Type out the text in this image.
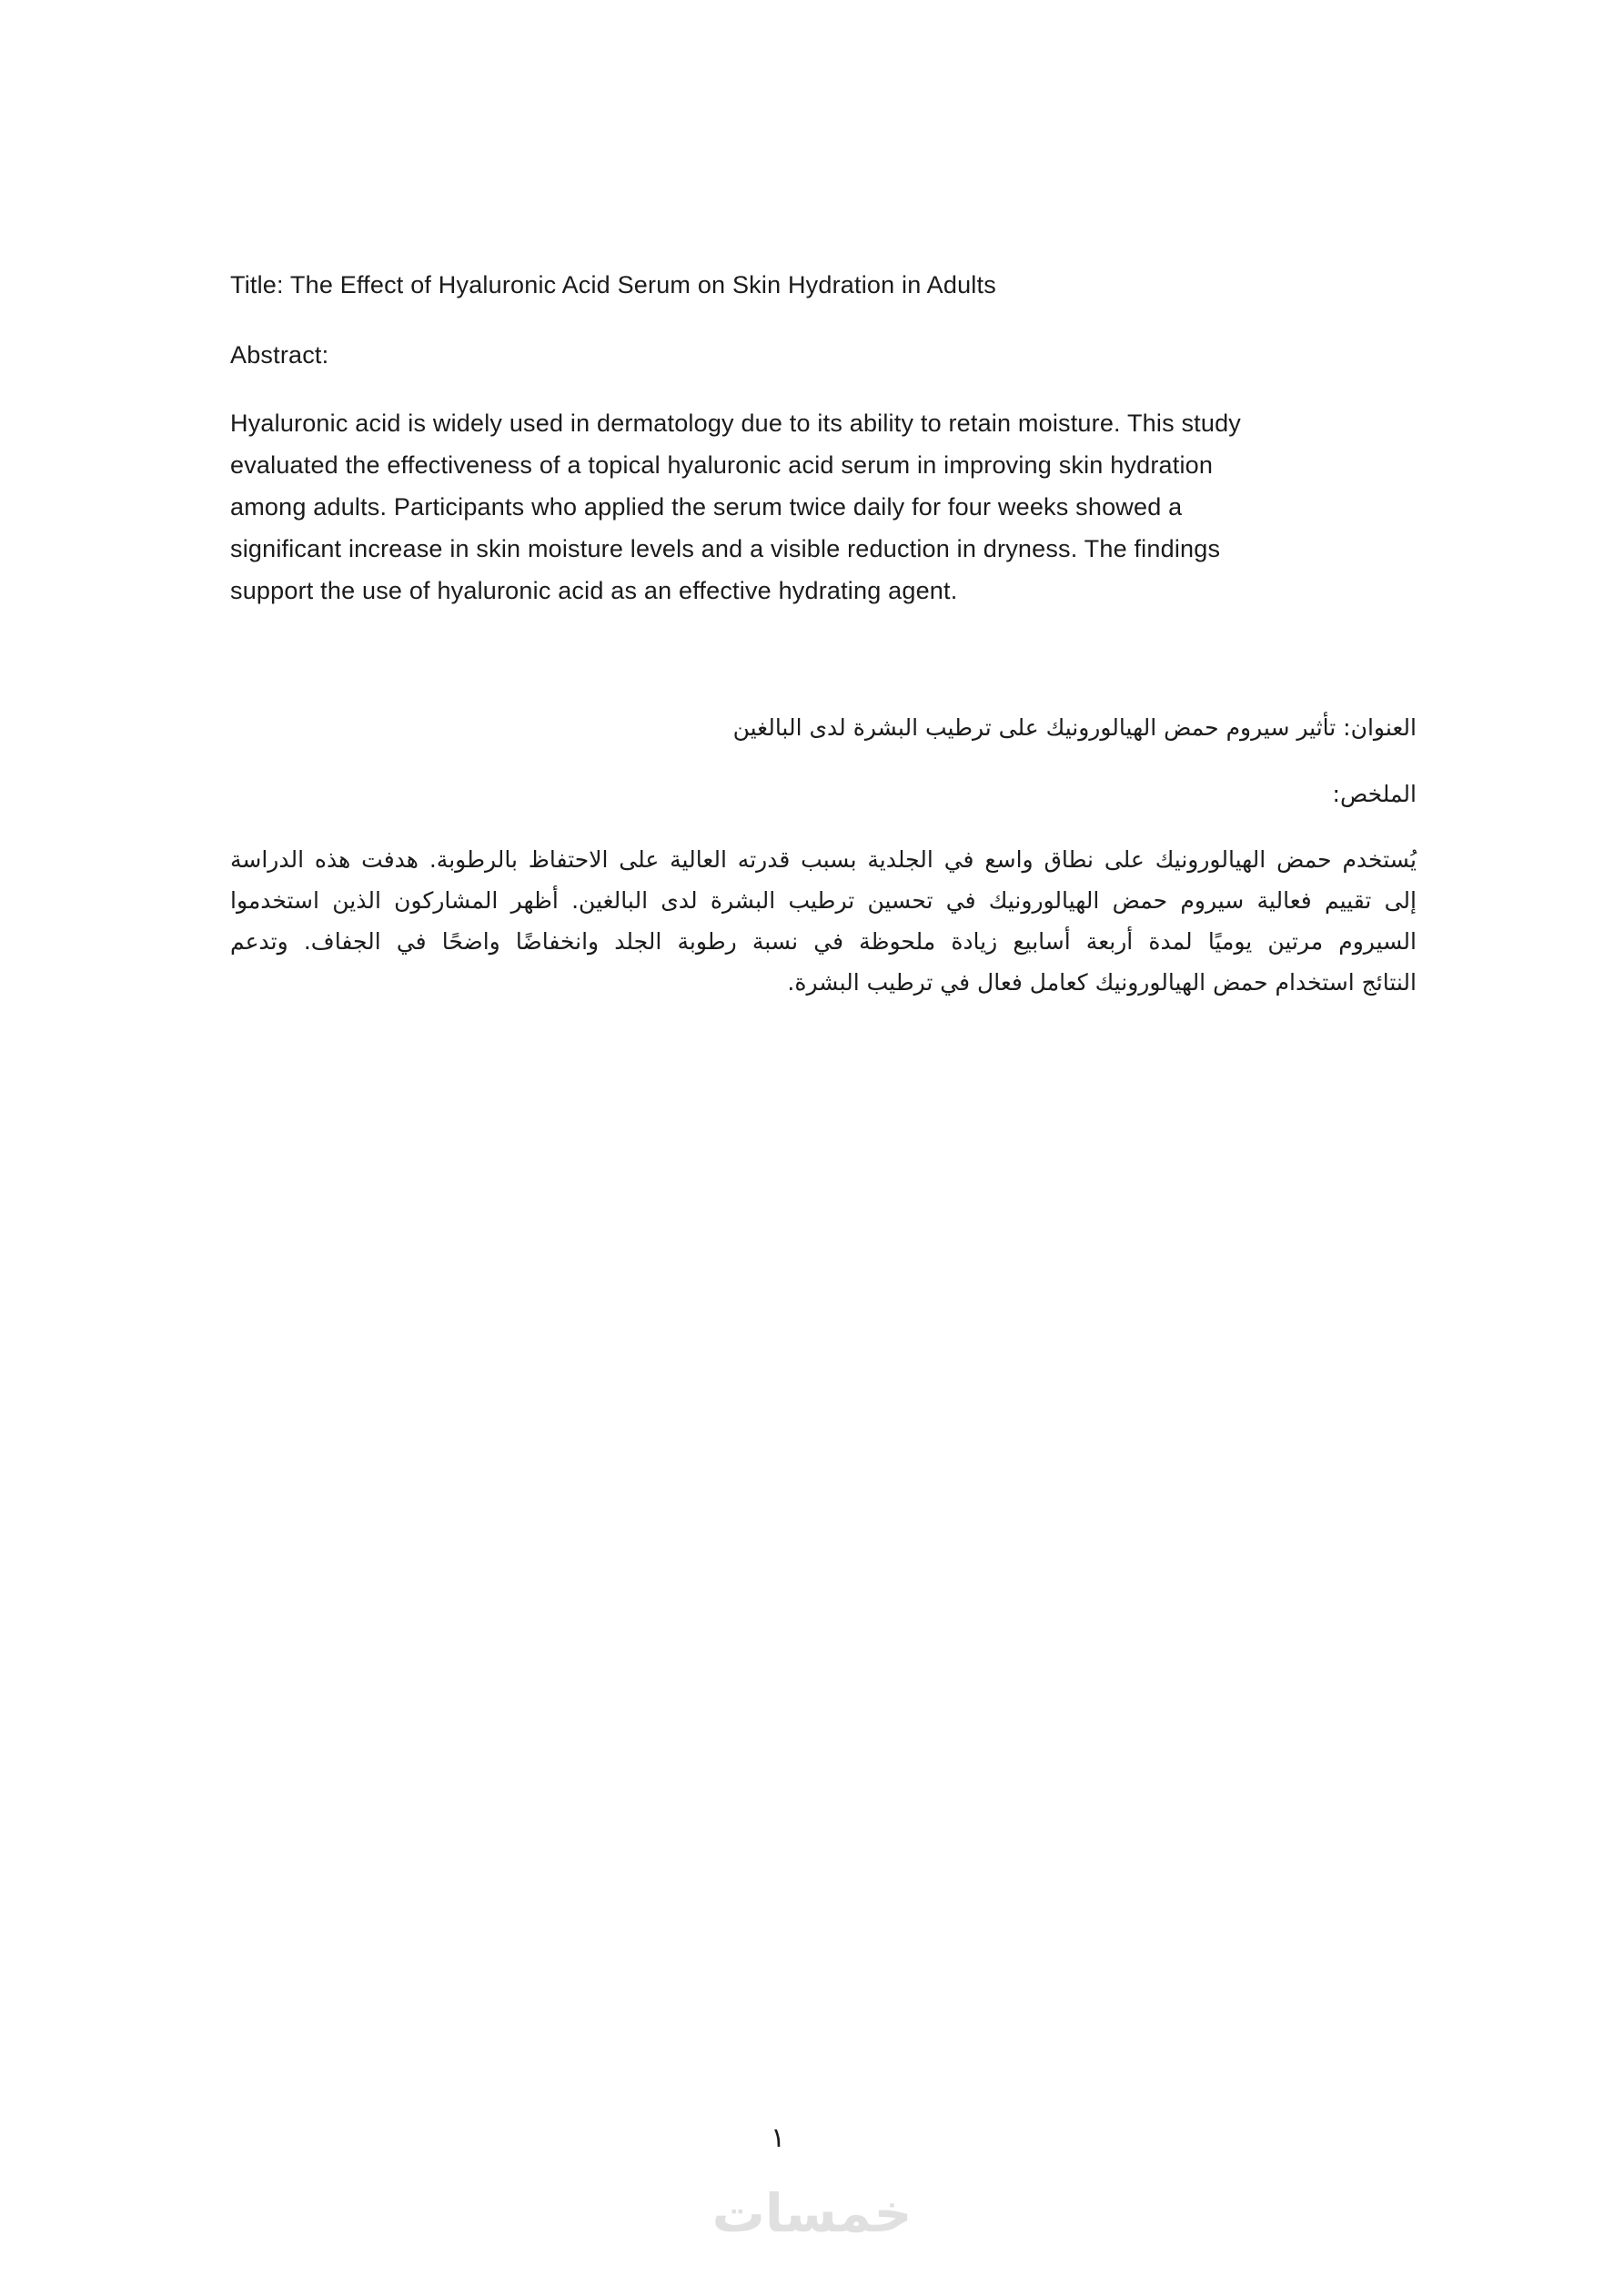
Title: The Effect of Hyaluronic Acid Serum on Skin Hydration in Adults
Abstract:
Hyaluronic acid is widely used in dermatology due to its ability to retain moisture. This study
evaluated the effectiveness of a topical hyaluronic acid serum in improving skin hydration
among adults. Participants who applied the serum twice daily for four weeks showed a
significant increase in skin moisture levels and a visible reduction in dryness. The findings
support the use of hyaluronic acid as an effective hydrating agent.
العنوان: تأثير سيروم حمض الهيالورونيك على ترطيب البشرة لدى البالغين
الملخص:
يُستخدم حمض الهيالورونيك على نطاق واسع في الجلدية بسبب قدرته العالية على الاحتفاظ بالرطوبة. هدفت هذه الدراسة
إلى تقييم فعالية سيروم حمض الهيالورونيك في تحسين ترطيب البشرة لدى البالغين. أظهر المشاركون الذين استخدموا
السيروم مرتين يوميًا لمدة أربعة أسابيع زيادة ملحوظة في نسبة رطوبة الجلد وانخفاضًا واضحًا في الجفاف. وتدعم
النتائج استخدام حمض الهيالورونيك كعامل فعال في ترطيب البشرة.
١
خمسات
